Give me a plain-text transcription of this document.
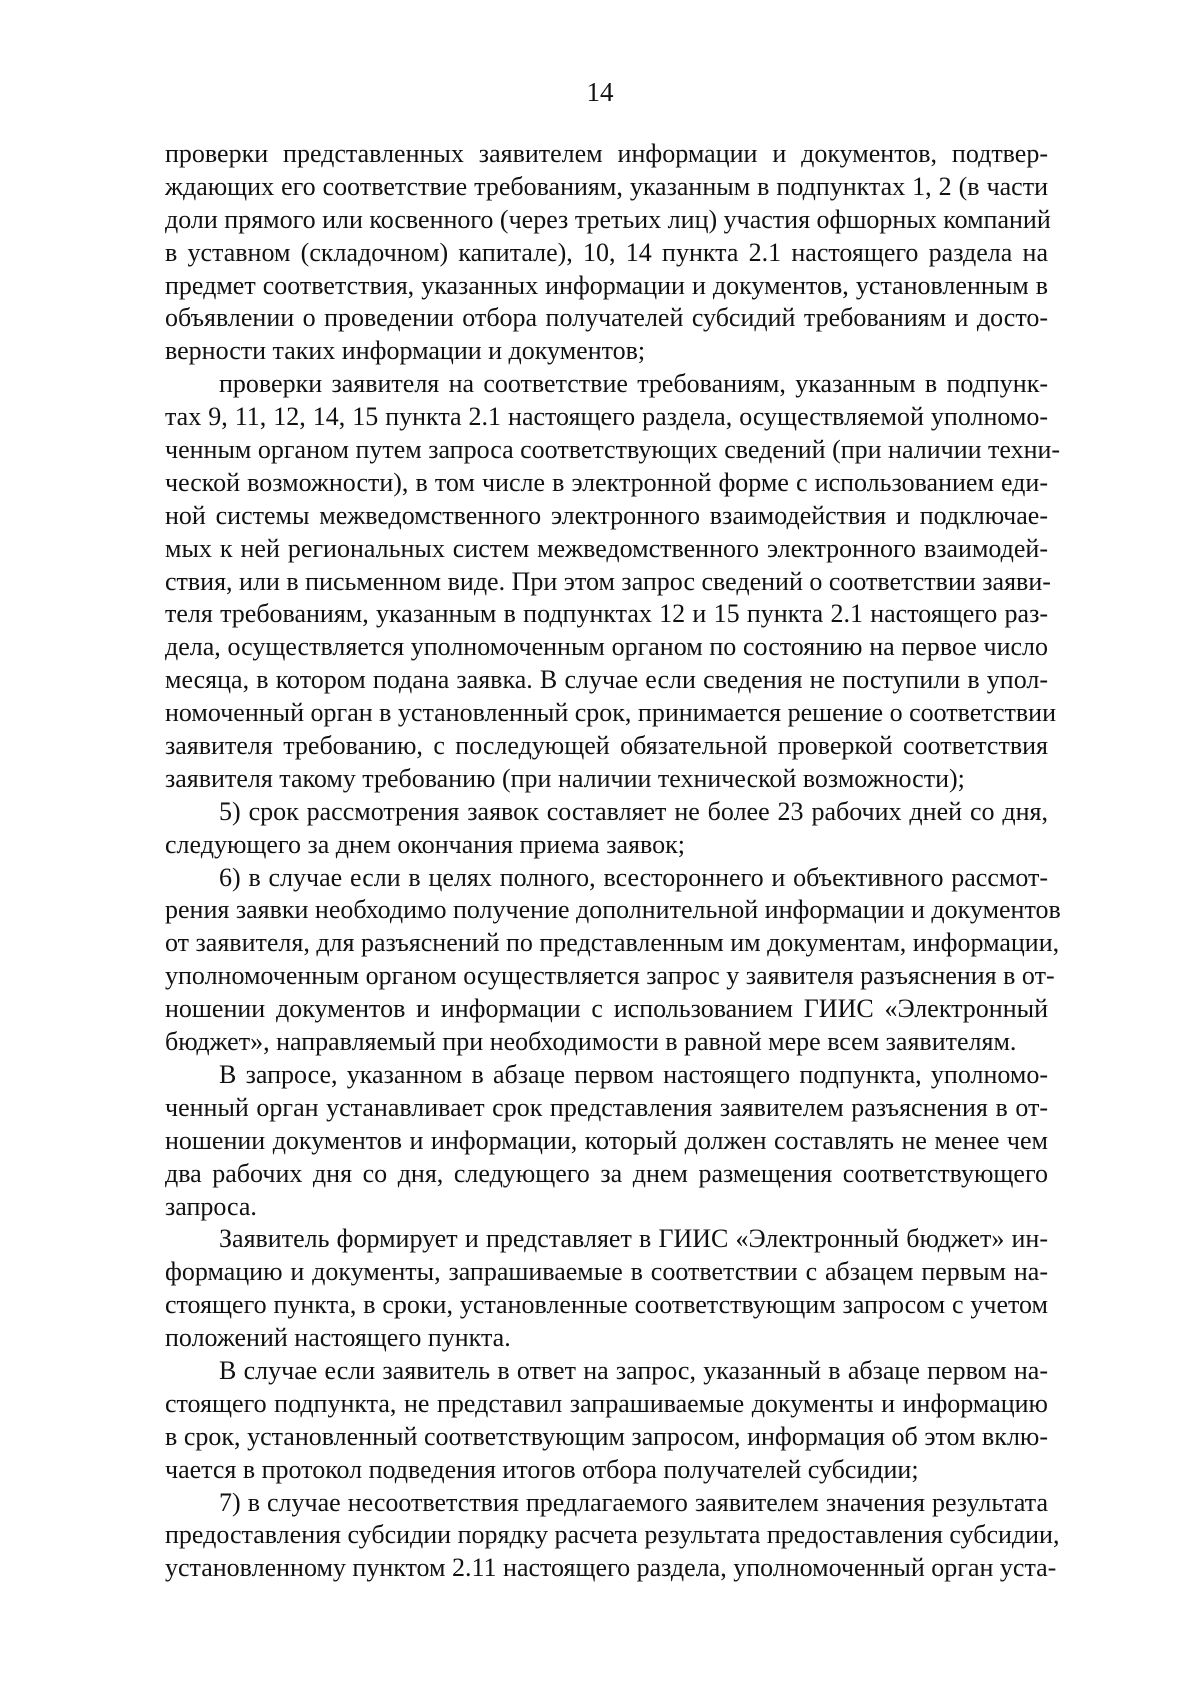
14
проверки представленных заявителем информации и документов, подтвер-
ждающих его соответствие требованиям, указанным в подпунктах 1, 2 (в части
доли прямого или косвенного (через третьих лиц) участия офшорных компаний
в уставном (складочном) капитале), 10, 14 пункта 2.1 настоящего раздела на
предмет соответствия, указанных информации и документов, установленным в
объявлении о проведении отбора получателей субсидий требованиям и досто-
верности таких информации и документов;
проверки заявителя на соответствие требованиям, указанным в подпунк-
тах 9, 11, 12, 14, 15 пункта 2.1 настоящего раздела, осуществляемой уполномо-
ченным органом путем запроса соответствующих сведений (при наличии техни-
ческой возможности), в том числе в электронной форме с использованием еди-
ной системы межведомственного электронного взаимодействия и подключае-
мых к ней региональных систем межведомственного электронного взаимодей-
ствия, или в письменном виде. При этом запрос сведений о соответствии заяви-
теля требованиям, указанным в подпунктах 12 и 15 пункта 2.1 настоящего раз-
дела, осуществляется уполномоченным органом по состоянию на первое число
месяца, в котором подана заявка. В случае если сведения не поступили в упол-
номоченный орган в установленный срок, принимается решение о соответствии
заявителя требованию, с последующей обязательной проверкой соответствия
заявителя такому требованию (при наличии технической возможности);
5) срок рассмотрения заявок составляет не более 23 рабочих дней со дня,
следующего за днем окончания приема заявок;
6) в случае если в целях полного, всестороннего и объективного рассмот-
рения заявки необходимо получение дополнительной информации и документов
от заявителя, для разъяснений по представленным им документам, информации,
уполномоченным органом осуществляется запрос у заявителя разъяснения в от-
ношении документов и информации с использованием ГИИС «Электронный
бюджет», направляемый при необходимости в равной мере всем заявителям.
В запросе, указанном в абзаце первом настоящего подпункта, уполномо-
ченный орган устанавливает срок представления заявителем разъяснения в от-
ношении документов и информации, который должен составлять не менее чем
два рабочих дня со дня, следующего за днем размещения соответствующего
запроса.
Заявитель формирует и представляет в ГИИС «Электронный бюджет» ин-
формацию и документы, запрашиваемые в соответствии с абзацем первым на-
стоящего пункта, в сроки, установленные соответствующим запросом с учетом
положений настоящего пункта.
В случае если заявитель в ответ на запрос, указанный в абзаце первом на-
стоящего подпункта, не представил запрашиваемые документы и информацию
в срок, установленный соответствующим запросом, информация об этом вклю-
чается в протокол подведения итогов отбора получателей субсидии;
7) в случае несоответствия предлагаемого заявителем значения результата
предоставления субсидии порядку расчета результата предоставления субсидии,
установленному пунктом 2.11 настоящего раздела, уполномоченный орган уста-
